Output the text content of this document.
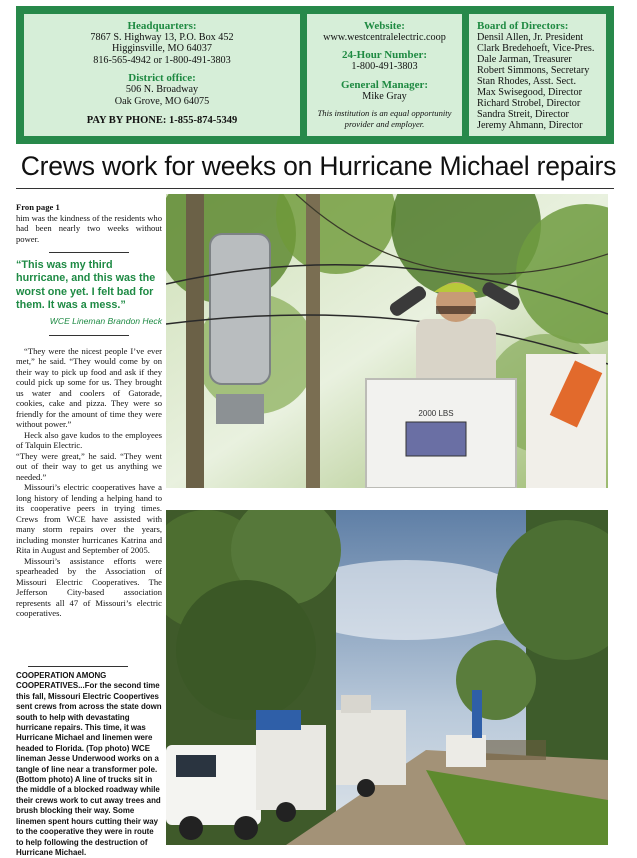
Headquarters:
7867 S. Highway 13, P.O. Box 452
Higginsville, MO 64037
816-565-4942 or 1-800-491-3803
District office:
506 N. Broadway
Oak Grove, MO 64075
PAY BY PHONE: 1-855-874-5349
Website:
www.westcentralelectric.coop
24-Hour Number:
1-800-491-3803
General Manager:
Mike Gray
This institution is an equal opportunity provider and employer.
Board of Directors:
Densil Allen, Jr. President
Clark Bredehoeft, Vice-Pres.
Dale Jarman, Treasurer
Robert Simmons, Secretary
Stan Rhodes, Asst. Sect.
Max Swisegood, Director
Richard Strobel, Director
Sandra Streit, Director
Jeremy Ahmann, Director
Crews work for weeks on Hurricane Michael repairs
Fron page 1
him was the kindness of the residents who had been nearly two weeks without power.
“This was my third hurricane, and this was the worst one yet. I felt bad for them. It was a mess.”
WCE Lineman Brandon Heck
“They were the nicest people I’ve ever met,” he said. “They would come by on their way to pick up food and ask if they could pick up some for us. They brought us water and coolers of Gatorade, cookies, cake and pizza. They were so friendly for the amount of time they were without power.”
Heck also gave kudos to the employees of Talquin Electric.
“They were great,” he said. “They went out of their way to get us anything we needed.”
Missouri’s electric cooperatives have a long history of lending a helping hand to its cooperative peers in trying times. Crews from WCE have assisted with many storm repairs over the years, including monster hurricanes Katrina and Rita in August and September of 2005.
Missouri’s assistance efforts were spearheaded by the Association of Missouri Electric Cooperatives. The Jefferson City-based association represents all 47 of Missouri’s electric cooperatives.
COOPERATION AMONG COOPERATIVES...For the second time this fall, Missouri Electric Coopertives sent crews from across the state down south to help with devastating hurricane repairs. This time, it was Hurricane Michael and linemen were headed to Florida. (Top photo) WCE lineman Jesse Underwood works on a tangle of line near a transformer pole. (Bottom photo) A line of trucks sit in the middle of a blocked roadway while their crews work to cut away trees and brush blocking their way. Some linemen spent hours cutting their way to the cooperative they were in route to help following the destruction of Hurricane Michael.
2000 LBS
